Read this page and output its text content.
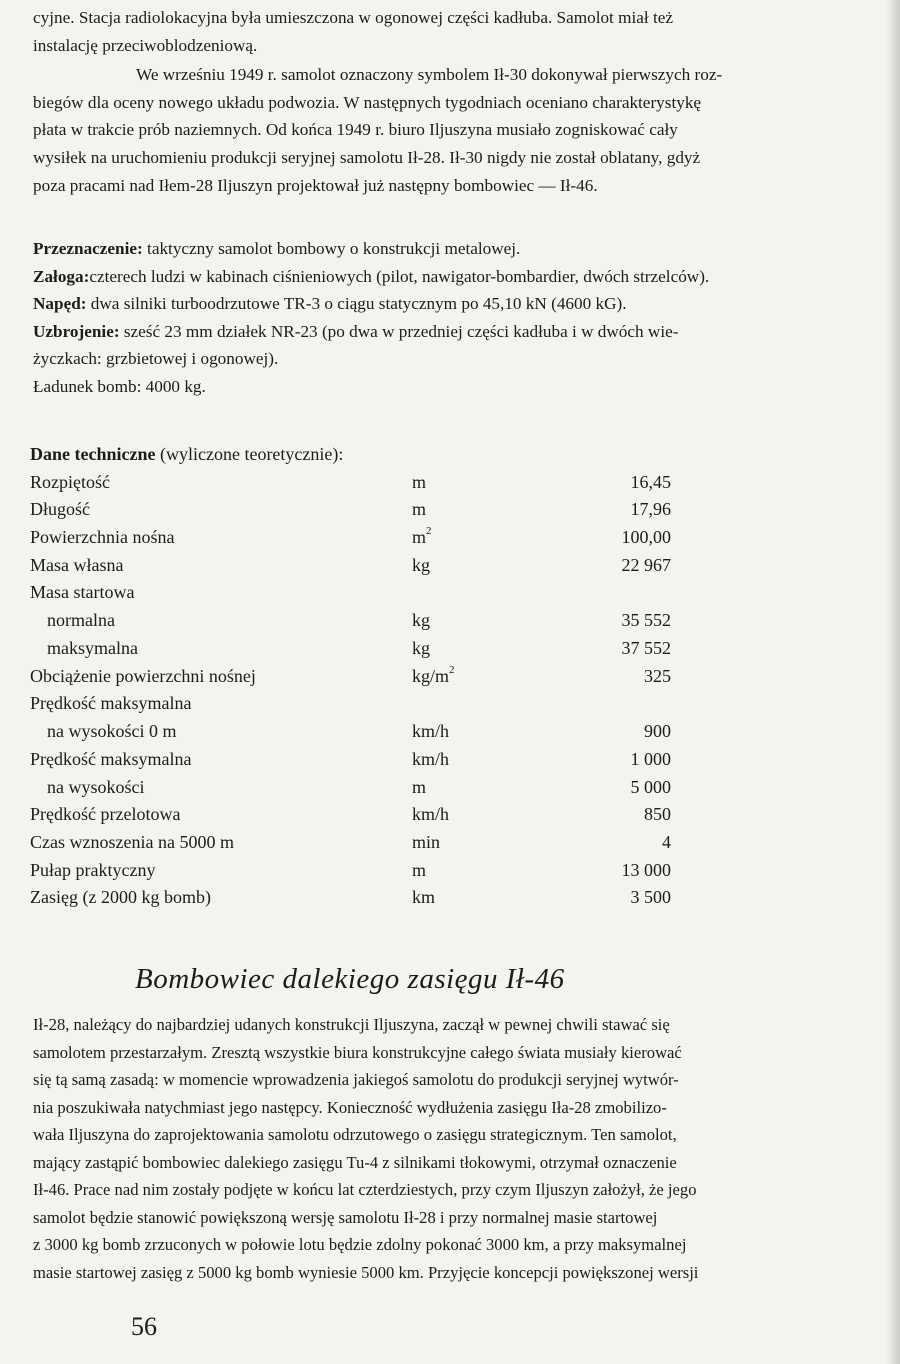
cyjne. Stacja radiolokacyjna była umieszczona w ogonowej części kadłuba. Samolot miał też
instalację przeciwoblodzeniową.
We wrześniu 1949 r. samolot oznaczony symbolem Ił-30 dokonywał pierwszych roz-
biegów dla oceny nowego układu podwozia. W następnych tygodniach oceniano charakterystykę
płata w trakcie prób naziemnych. Od końca 1949 r. biuro Iljuszyna musiało zogniskować cały
wysiłek na uruchomieniu produkcji seryjnej samolotu Ił-28. Ił-30 nigdy nie został oblatany, gdyż
poza pracami nad Iłem-28 Iljuszyn projektował już następny bombowiec — Ił-46.
Przeznaczenie: taktyczny samolot bombowy o konstrukcji metalowej.
Załoga:czterech ludzi w kabinach ciśnieniowych (pilot, nawigator-bombardier, dwóch strzelców).
Napęd: dwa silniki turboodrzutowe TR-3 o ciągu statycznym po 45,10 kN (4600 kG).
Uzbrojenie: sześć 23 mm działek NR-23 (po dwa w przedniej części kadłuba i w dwóch wie-
życzkach: grzbietowej i ogonowej).
Ładunek bomb: 4000 kg.
Dane techniczne (wyliczone teoretycznie):
Rozpiętość	m	16,45
Długość	m	17,96
Powierzchnia nośna	$m^2$	100,00
Masa własna	kg	22 967
Masa startowa
normalna	kg	35 552
maksymalna	kg	37 552
Obciążenie powierzchni nośnej	$kg/m^2$	325
Prędkość maksymalna
na wysokości 0 m	km/h	900
Prędkość maksymalna	km/h	1 000
na wysokości	m	5 000
Prędkość przelotowa	km/h	850
Czas wznoszenia na 5000 m	min	4
Pułap praktyczny	m	13 000
Zasięg (z 2000 kg bomb)	km	3 500
Bombowiec dalekiego zasięgu Ił-46
Ił-28, należący do najbardziej udanych konstrukcji Iljuszyna, zaczął w pewnej chwili stawać się
samolotem przestarzałym. Zresztą wszystkie biura konstrukcyjne całego świata musiały kierować
się tą samą zasadą: w momencie wprowadzenia jakiegoś samolotu do produkcji seryjnej wytwór-
nia poszukiwała natychmiast jego następcy. Konieczność wydłużenia zasięgu Iła-28 zmobilizo-
wała Iljuszyna do zaprojektowania samolotu odrzutowego o zasięgu strategicznym. Ten samolot,
mający zastąpić bombowiec dalekiego zasięgu Tu-4 z silnikami tłokowymi, otrzymał oznaczenie
Ił-46. Prace nad nim zostały podjęte w końcu lat czterdziestych, przy czym Iljuszyn założył, że jego
samolot będzie stanowić powiększoną wersję samolotu Ił-28 i przy normalnej masie startowej
z 3000 kg bomb zrzuconych w połowie lotu będzie zdolny pokonać 3000 km, a przy maksymalnej
masie startowej zasięg z 5000 kg bomb wyniesie 5000 km. Przyjęcie koncepcji powiększonej wersji
56
